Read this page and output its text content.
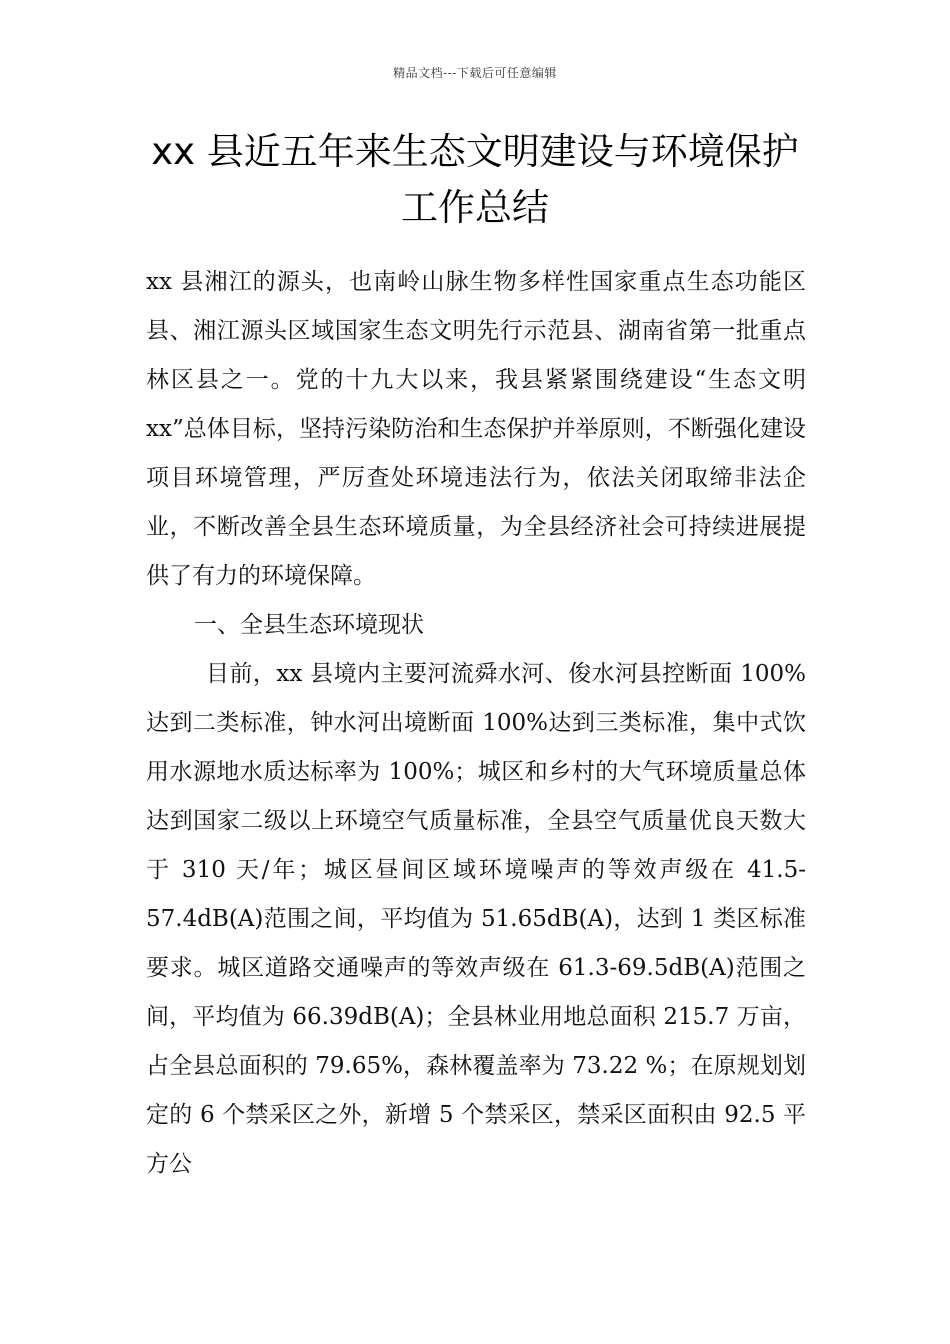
精品文档---下载后可任意编辑
xx 县近五年来生态文明建设与环境保护
工作总结

xx 县湘江的源头，也南岭山脉生物多样性国家重点生态功能区县、湘江源头区域国家生态文明先行示范县、湖南省第一批重点林区县之一。党的十九大以来，我县紧紧围绕建设“生态文明 xx”总体目标，坚持污染防治和生态保护并举原则，不断强化建设项目环境管理，严厉查处环境违法行为，依法关闭取缔非法企业，不断改善全县生态环境质量，为全县经济社会可持续进展提供了有力的环境保障。

一、全县生态环境现状

目前，xx 县境内主要河流舜水河、俊水河县控断面 100%达到二类标准，钟水河出境断面 100%达到三类标准，集中式饮用水源地水质达标率为 100%；城区和乡村的大气环境质量总体达到国家二级以上环境空气质量标准，全县空气质量优良天数大于 310 天/年；城区昼间区域环境噪声的等效声级在 41.5-57.4dB(A)范围之间，平均值为 51.65dB(A)，达到 1 类区标准要求。城区道路交通噪声的等效声级在 61.3-69.5dB(A)范围之间，平均值为 66.39dB(A)；全县林业用地总面积 215.7 万亩，占全县总面积的 79.65%，森林覆盖率为 73.22 %；在原规划划定的 6 个禁采区之外，新增 5 个禁采区，禁采区面积由 92.5 平方公
